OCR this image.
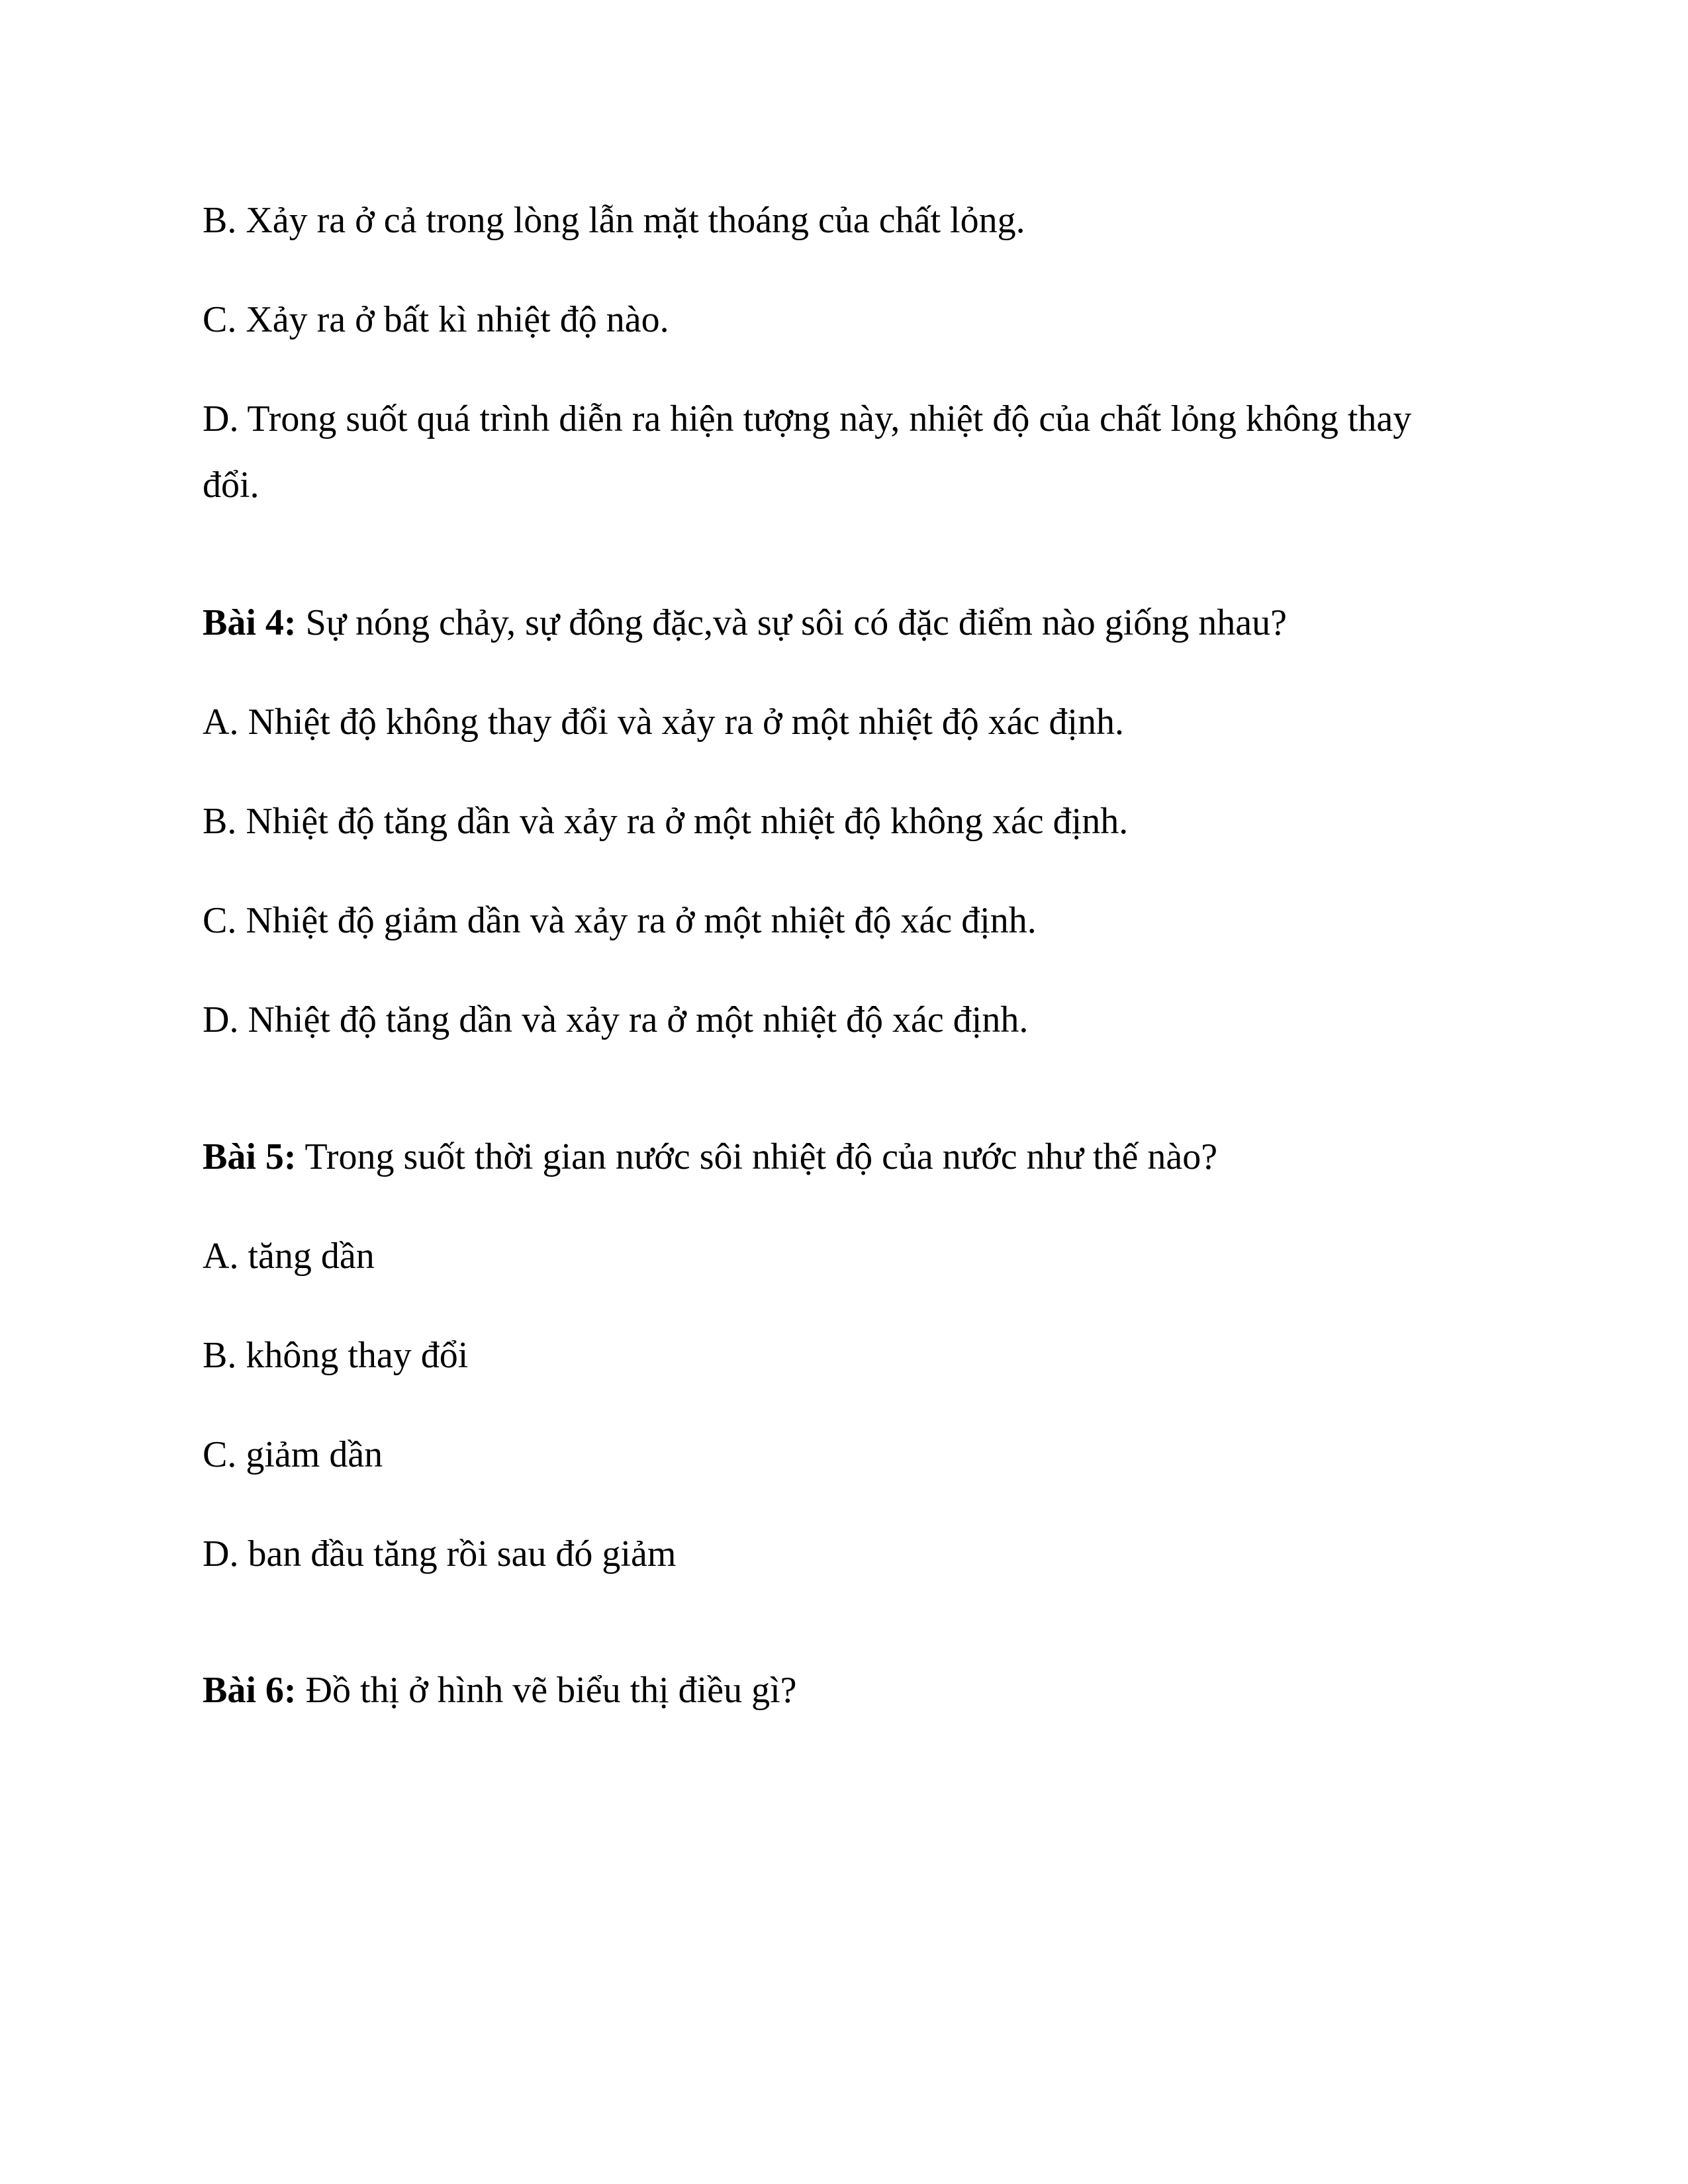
B. Xảy ra ở cả trong lòng lẫn mặt thoáng của chất lỏng.
C. Xảy ra ở bất kì nhiệt độ nào.
D. Trong suốt quá trình diễn ra hiện tượng này, nhiệt độ của chất lỏng không thay
đổi.
Bài 4: Sự nóng chảy, sự đông đặc,và sự sôi có đặc điểm nào giống nhau?
A. Nhiệt độ không thay đổi và xảy ra ở một nhiệt độ xác định.
B. Nhiệt độ tăng dần và xảy ra ở một nhiệt độ không xác định.
C. Nhiệt độ giảm dần và xảy ra ở một nhiệt độ xác định.
D. Nhiệt độ tăng dần và xảy ra ở một nhiệt độ xác định.
Bài 5: Trong suốt thời gian nước sôi nhiệt độ của nước như thế nào?
A. tăng dần
B. không thay đổi
C. giảm dần
D. ban đầu tăng rồi sau đó giảm
Bài 6: Đồ thị ở hình vẽ biểu thị điều gì?
